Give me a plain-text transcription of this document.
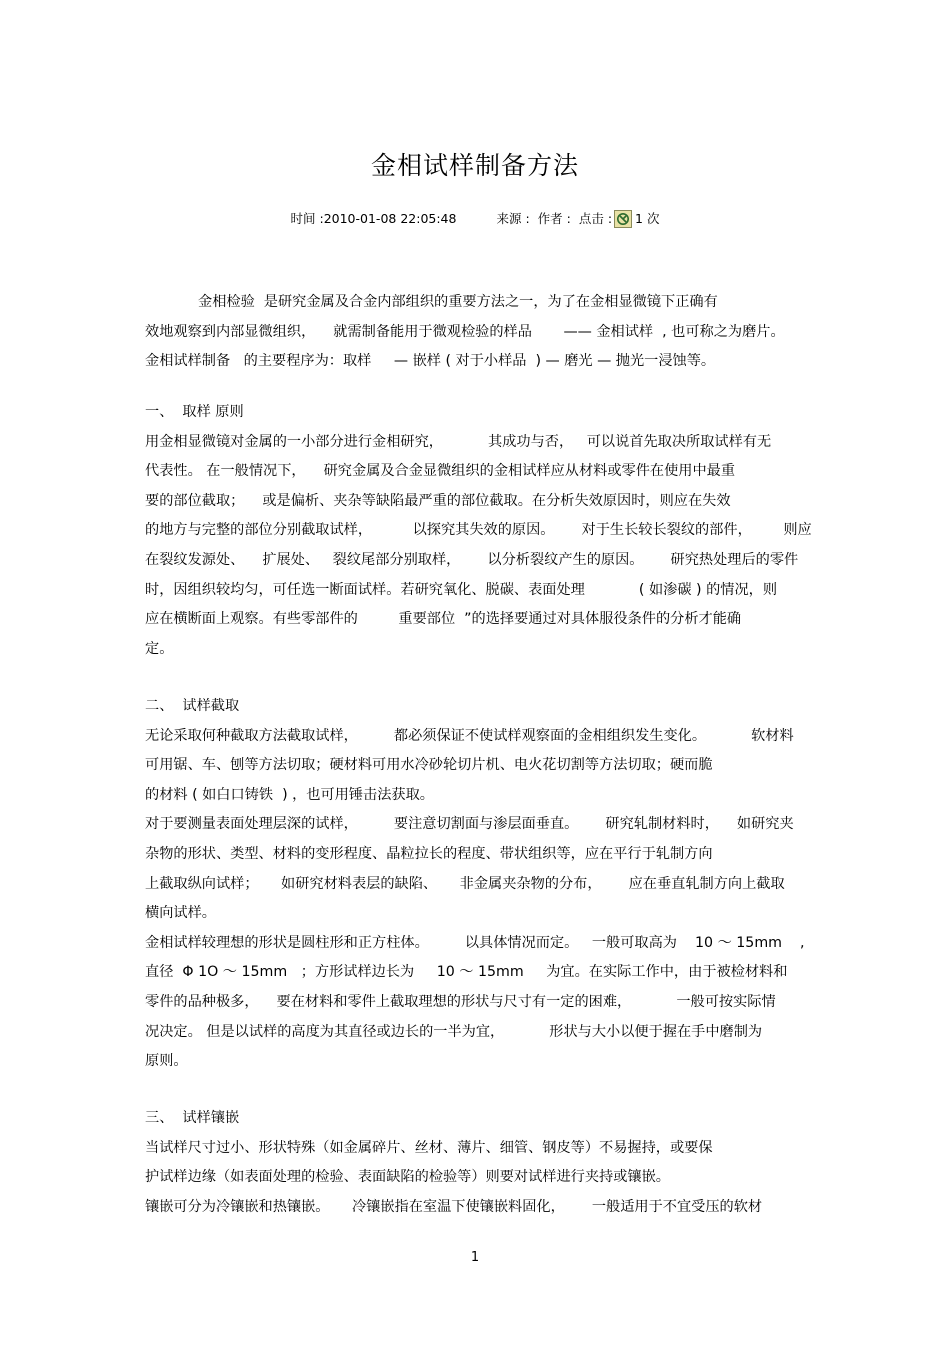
金相试样制备方法
时间 :2010-01-08 22:05:48	来源 : 作者 : 点击 : 1 次
金相检验  是研究金属及合金内部组织的重要方法之一，为了在金相显微镜下正确有
效地观察到内部显微组织，    就需制备能用于微观检验的样品       —— 金相试样  , 也可称之为磨片。
金相试样制备   的主要程序为：取样     — 嵌样 ( 对于小样品  ) — 磨光 — 抛光一浸蚀等。
一、  取样 原则
用金相显微镜对金属的一小部分进行金相研究，          其成功与否，   可以说首先取决所取试样有无
代表性。 在一般情况下，    研究金属及合金显微组织的金相试样应从材料或零件在使用中最重
要的部位截取；    或是偏析、夹杂等缺陷最严重的部位截取。在分析失效原因时，则应在失效
的地方与完整的部位分别截取试样，         以探究其失效的原因。      对于生长较长裂纹的部件，       则应
在裂纹发源处、    扩展处、   裂纹尾部分别取样，      以分析裂纹产生的原因。      研究热处理后的零件
时，因组织较均匀，可任选一断面试样。若研究氧化、脱碳、表面处理            ( 如渗碳 ) 的情况，则
应在横断面上观察。有些零部件的         重要部位  ”的选择要通过对具体服役条件的分析才能确
定。
二、  试样截取
无论采取何种截取方法截取试样，        都必须保证不使试样观察面的金相组织发生变化。          软材料
可用锯、车、刨等方法切取；硬材料可用水冷砂轮切片机、电火花切割等方法切取；硬而脆
的材料 ( 如白口铸铁  ) ，也可用锤击法获取。
对于要测量表面处理层深的试样，        要注意切割面与渗层面垂直。      研究轧制材料时，    如研究夹
杂物的形状、类型、材料的变形程度、晶粒拉长的程度、带状组织等，应在平行于轧制方向
上截取纵向试样；     如研究材料表层的缺陷、     非金属夹杂物的分布，      应在垂直轧制方向上截取
横向试样。
金相试样较理想的形状是圆柱形和正方柱体。        以具体情况而定。   一般可取高为    10 ～ 15mm    ,
直径  Φ 1O ～ 15mm   ；方形试样边长为     10 ～ 15mm     为宜。在实际工作中，由于被检材料和
零件的品种极多，    要在材料和零件上截取理想的形状与尺寸有一定的困难，          一般可按实际情
况决定。 但是以试样的高度为其直径或边长的一半为宜，          形状与大小以便于握在手中磨制为
原则。
三、  试样镶嵌
当试样尺寸过小、形状特殊（如金属碎片、丝材、薄片、细管、钢皮等）不易握持，或要保
护试样边缘（如表面处理的检验、表面缺陷的检验等）则要对试样进行夹持或镶嵌。
镶嵌可分为冷镶嵌和热镶嵌。     冷镶嵌指在室温下使镶嵌料固化，      一般适用于不宜受压的软材
1
